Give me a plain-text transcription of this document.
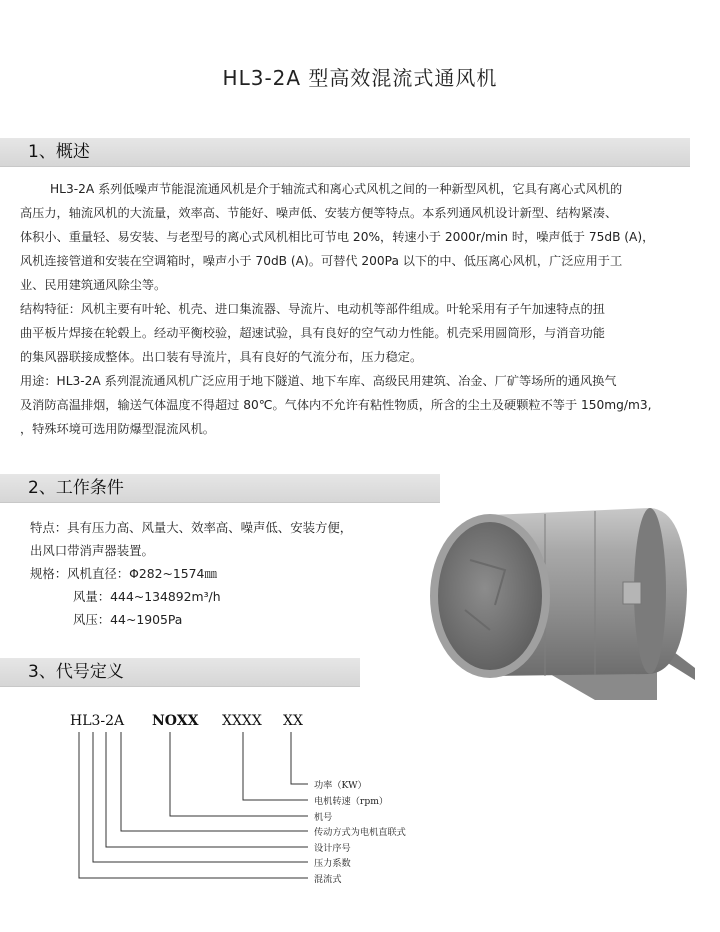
HL3-2A 型高效混流式通风机
1、概述
HL3-2A 系列低噪声节能混流通风机是介于轴流式和离心式风机之间的一种新型风机，它具有离心式风机的
高压力，轴流风机的大流量，效率高、节能好、噪声低、安装方便等特点。本系列通风机设计新型、结构紧凑、
体积小、重量轻、易安装、与老型号的离心式风机相比可节电 20%，转速小于 2000r/min 时，噪声低于 75dB (A)，
风机连接管道和安装在空调箱时，噪声小于 70dB (A)。可替代 200Pa 以下的中、低压离心风机，广泛应用于工
业、民用建筑通风除尘等。
结构特征：风机主要有叶轮、机壳、进口集流器、导流片、电动机等部件组成。叶轮采用有子午加速特点的扭
曲平板片焊接在轮毂上。经动平衡校验，超速试验，具有良好的空气动力性能。机壳采用圆筒形，与消音功能
的集风器联接成整体。出口装有导流片，具有良好的气流分布，压力稳定。
用途：HL3-2A 系列混流通风机广泛应用于地下隧道、地下车库、高级民用建筑、冶金、厂矿等场所的通风换气
及消防高温排烟，输送气体温度不得超过 80℃。气体内不允许有粘性物质，所含的尘土及硬颗粒不等于 150mg/m3,
，特殊环境可选用防爆型混流风机。
2、工作条件
特点：具有压力高、风量大、效率高、噪声低、安装方便，
出风口带消声器装置。
规格：风机直径：Φ282~1574㎜
风量：444~134892m³/h
风压：44~1905Pa
3、代号定义
HL3-2A NOXX XXXX XX
功率（KW）
电机转速（rpm）
机号
传动方式为电机直联式
设计序号
压力系数
混流式
